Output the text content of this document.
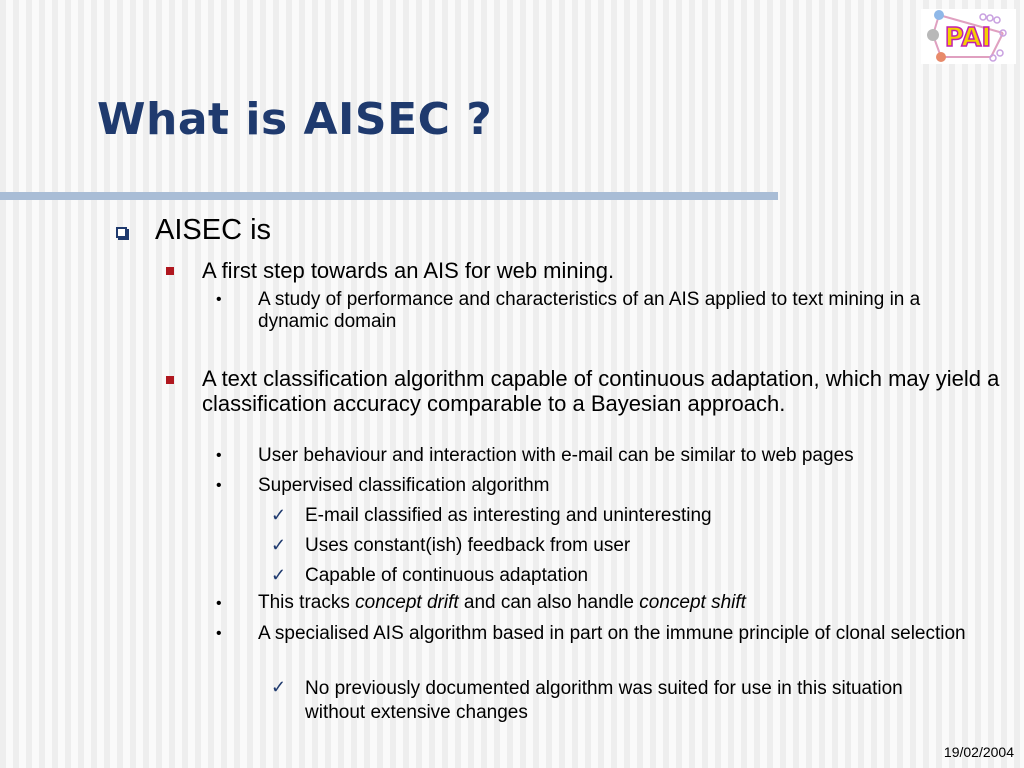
PAI
What is AISEC ?
AISEC is
A first step towards an AIS for web mining.
• A study of performance and characteristics of an AIS applied to text mining in a dynamic domain
A text classification algorithm capable of continuous adaptation, which may yield a classification accuracy comparable to a Bayesian approach.
• User behaviour and interaction with e-mail can be similar to web pages
• Supervised classification algorithm
✓ E-mail classified as interesting and uninteresting
✓ Uses constant(ish) feedback from user
✓ Capable of continuous adaptation
• This tracks concept drift and can also handle concept shift
• A specialised AIS algorithm based in part on the immune principle of clonal selection
✓ No previously documented algorithm was suited for use in this situation without extensive changes
19/02/2004
